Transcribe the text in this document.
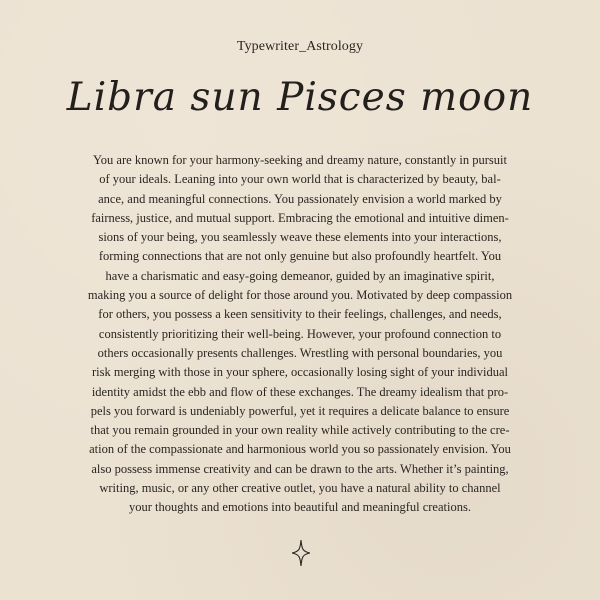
Typewriter_Astrology
Libra sun Pisces moon
You are known for your harmony-seeking and dreamy nature, constantly in pursuit
of your ideals. Leaning into your own world that is characterized by beauty, bal-
ance, and meaningful connections. You passionately envision a world marked by
fairness, justice, and mutual support. Embracing the emotional and intuitive dimen-
sions of your being, you seamlessly weave these elements into your interactions,
forming connections that are not only genuine but also profoundly heartfelt. You
have a charismatic and easy-going demeanor, guided by an imaginative spirit,
making you a source of delight for those around you. Motivated by deep compassion
for others, you possess a keen sensitivity to their feelings, challenges, and needs,
consistently prioritizing their well-being. However, your profound connection to
others occasionally presents challenges. Wrestling with personal boundaries, you
risk merging with those in your sphere, occasionally losing sight of your individual
identity amidst the ebb and flow of these exchanges. The dreamy idealism that pro-
pels you forward is undeniably powerful, yet it requires a delicate balance to ensure
that you remain grounded in your own reality while actively contributing to the cre-
ation of the compassionate and harmonious world you so passionately envision. You
also possess immense creativity and can be drawn to the arts. Whether it’s painting,
writing, music, or any other creative outlet, you have a natural ability to channel
your thoughts and emotions into beautiful and meaningful creations.
